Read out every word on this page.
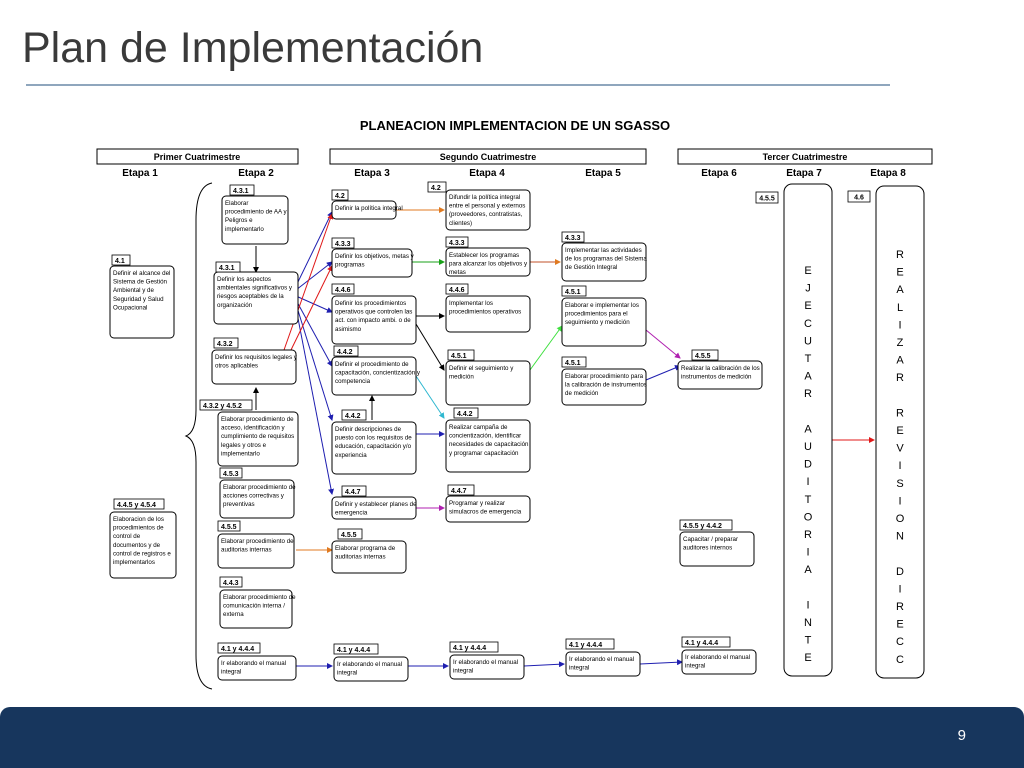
Plan de Implementación
PLANEACION IMPLEMENTACION DE UN SGASSO
Primer Cuatrimestre	Segundo Cuatrimestre	Tercer Cuatrimestre
Etapa 1	Etapa 2	Etapa 3	Etapa 4	Etapa 5	Etapa 6	Etapa 7	Etapa 8
4.1
Definir el alcance del
Sistema de Gestión
Ambiental y de
Seguridad y Salud
Ocupacional
4.4.5 y 4.5.4
Elaboracion de los
procedimientos de
control de
documentos y de
control de registros e
implementarlos
4.3.1
Elaborar
procedimiento de AA y
Peligros e
implementarlo
4.3.1
Definir los aspectos
ambientales significativos y
riesgos aceptables de la
organización
4.3.2
Definir los requisitos legales y
otros aplicables
4.3.2 y 4.5.2
Elaborar procedimiento de
acceso, identificación y
cumplimiento de requisitos
legales y otros e
implementarlo
4.5.3
Elaborar procedimiento de
acciones correctivas y
preventivas
4.5.5
Elaborar procedimiento de
auditorias internas
4.4.3
Elaborar procedimiento de
comunicación interna /
externa
4.1 y 4.4.4
Ir elaborando el manual
integral
4.2
Definir la política integral
4.3.3
Definir los objetivos, metas y
programas
4.4.6
Definir los procedimientos
operativos que controlen las
act. con impacto ambi. o de
asimismo
4.4.2
Definir el procedimiento de
capacitación, concientización y
competencia
4.4.2
Definir descripciones de
puesto con los requisitos de
educación, capacitación y/o
experiencia
4.4.7
Definir y establecer planes de
emergencia
4.5.5
Elaborar programa de
auditorias internas
4.1 y 4.4.4
Ir elaborando el manual
integral
4.2
Difundir la política integral
entre el personal y externos
(proveedores, contratistas,
clientes)
4.3.3
Establecer los programas
para alcanzar los objetivos y
metas
4.4.6
Implementar los
procedimientos operativos
4.5.1
Definir el seguimiento y
medición
4.4.2
Realizar campaña de
concientización, identificar
necesidades de capacitación
y programar capacitación
4.4.7
Programar y realizar
simulacros de emergencia
4.1 y 4.4.4
Ir elaborando el manual
integral
4.3.3
Implementar las actividades
de los programas del Sistema
de Gestión Integral
4.5.1
Elaborar e implementar los
procedimientos para el
seguimiento y medición
4.5.1
Elaborar procedimiento para
la calibración de instrumentos
de medición
4.1 y 4.4.4
Ir elaborando el manual
integral
4.5.5
Realizar la calibración de los
instrumentos de medición
4.5.5 y 4.4.2
Capacitar / preparar
auditores internos
4.1 y 4.4.4
Ir elaborando el manual
integral
4.5.5
E
J
E
C
U
T
A
R
A
U
D
I
T
O
R
I
A
I
N
T
E
4.6
R
E
A
L
I
Z
A
R
R
E
V
I
S
I
O
N
D
I
R
E
C
C
9
